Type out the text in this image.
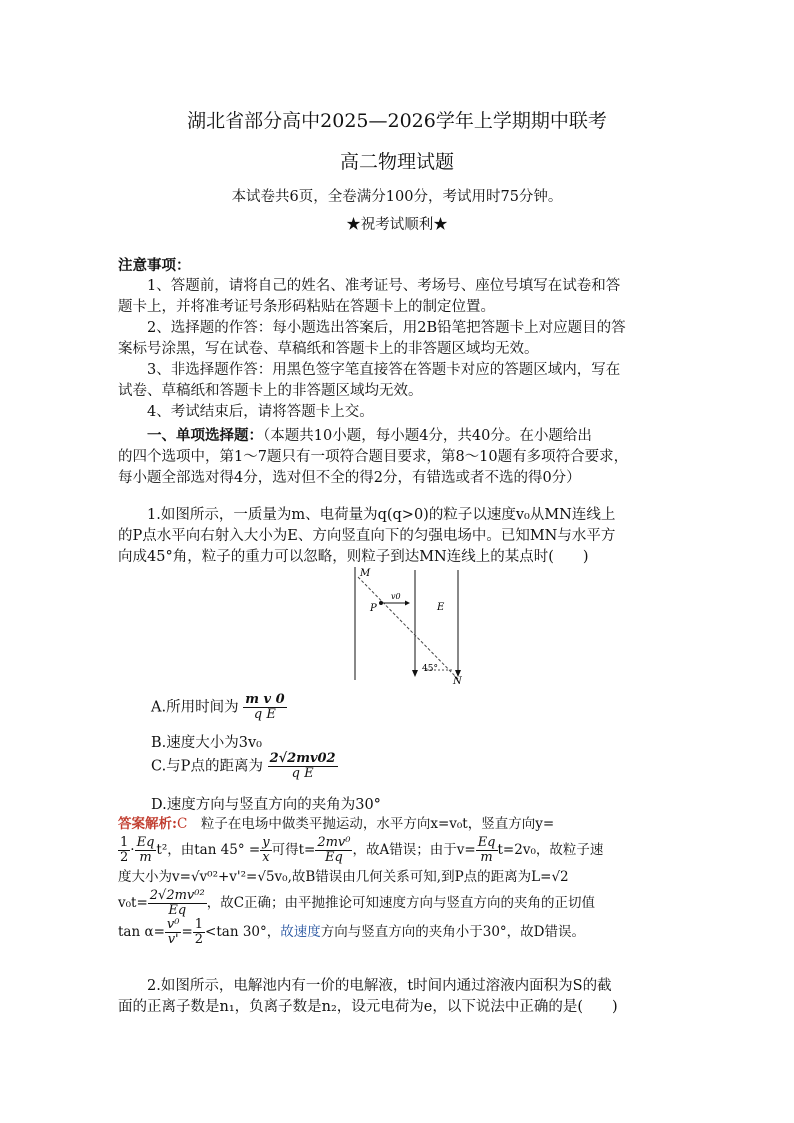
湖北省部分高中2025—2026学年上学期期中联考
高二物理试题
本试卷共6页，全卷满分100分，考试用时75分钟。
★祝考试顺利★
注意事项：
1、答题前，请将自己的姓名、准考证号、考场号、座位号填写在试卷和答
题卡上，并将准考证号条形码粘贴在答题卡上的制定位置。
2、选择题的作答：每小题选出答案后，用2B铅笔把答题卡上对应题目的答
案标号涂黑，写在试卷、草稿纸和答题卡上的非答题区域均无效。
3、非选择题作答：用黑色签字笔直接答在答题卡对应的答题区域内，写在
试卷、草稿纸和答题卡上的非答题区域均无效。
4、考试结束后，请将答题卡上交。
一、单项选择题：（本题共10小题，每小题4分，共40分。在小题给出
的四个选项中，第1～7题只有一项符合题目要求，第8～10题有多项符合要求，
每小题全部选对得4分，选对但不全的得2分，有错选或者不选的得0分）
1.如图所示，一质量为m、电荷量为q(q>0)的粒子以速度v₀从MN连线上
的P点水平向右射入大小为E、方向竖直向下的匀强电场中。已知MN与水平方
向成45°角，粒子的重力可以忽略，则粒子到达MN连线上的某点时(　　)
M
N
P
v0
E
45°
A.所用时间为 $\frac{\text{m v 0}}{\text{q E}}$
B.速度大小为3v₀
C.与P点的距离为 $\frac{2√2mv02}{\text{q E}}$
D.速度方向与竖直方向的夹角为30°
答案解析:C　 粒子在电场中做类平抛运动，水平方向x=v₀t，竖直方向y=
$\frac{1}{2} \cdot \frac{Eq}{m} t^2$，由$\tan 45^\circ = \frac{y}{x}$ 可得$t= \frac{\text{2mv⁰}}{Eq}$ ，故A错误；由于$v= \frac{Eq}{m} t=2v_0$，故粒子速
度大小为v=√v⁰²+v'²=√5v₀,故B错误由几何关系可知,到P点的距离为L=√2
$v_0t= \frac{\text{2√2mv⁰²}}{Eq}$ ，故C正确；由平抛推论可知速度方向与竖直方向的夹角的正切值
$\tan \alpha= \frac{\text{v⁰}}{v'} = \frac{1}{2} <\tan$ 30°，故速度方向与竖直方向的夹角小于30°，故D错误。
2.如图所示，电解池内有一价的电解液，t时间内通过溶液内面积为S的截
面的正离子数是n₁，负离子数是n₂，设元电荷为e，以下说法中正确的是(　　)
